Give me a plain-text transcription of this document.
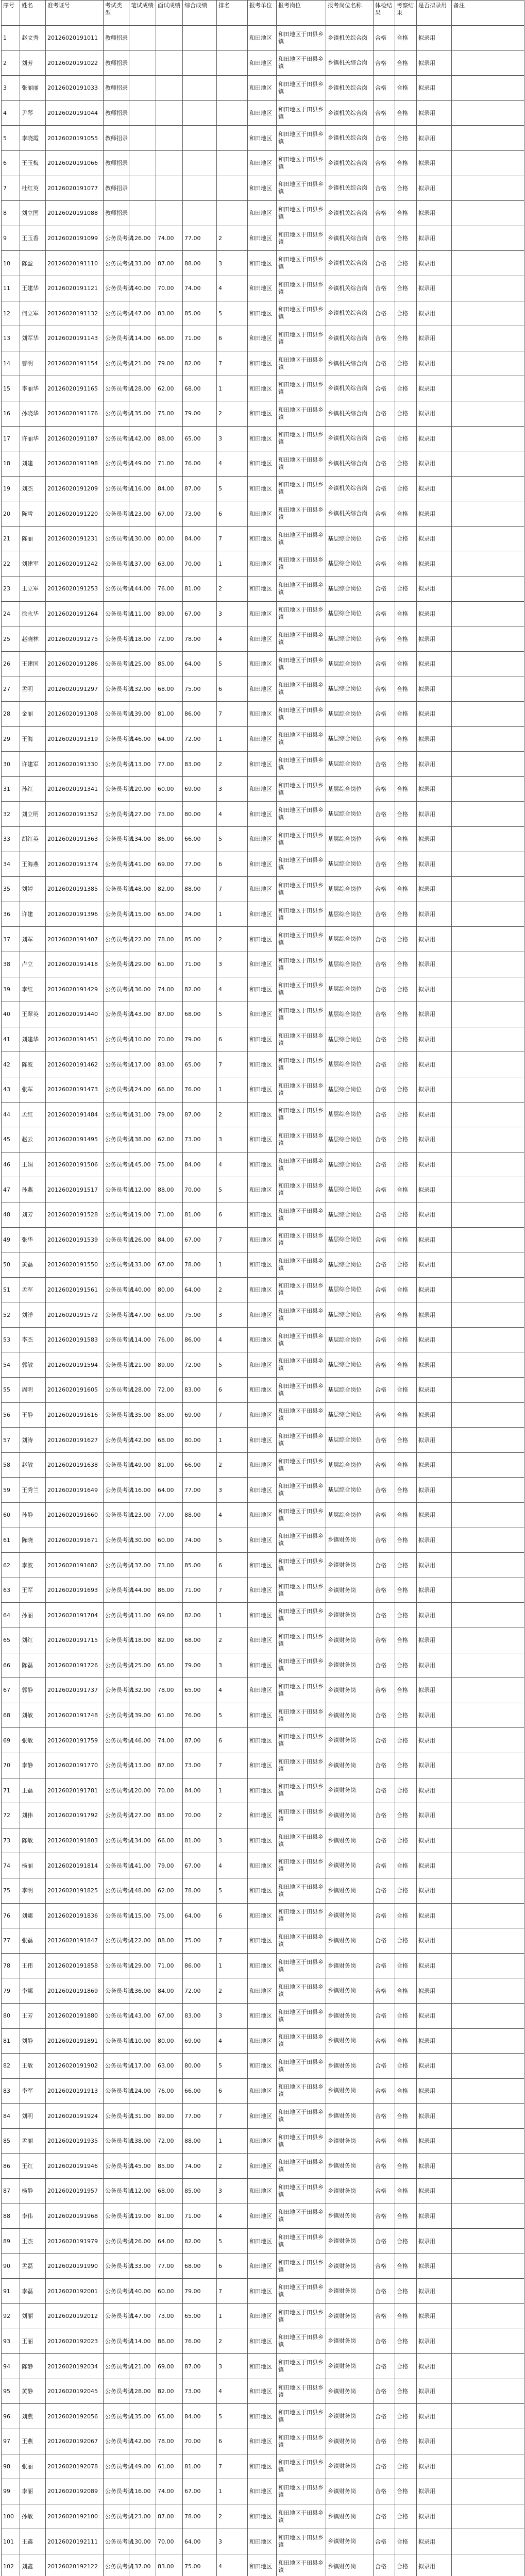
序号	姓名	准考证号	考试类型	笔试成绩	面试成绩	综合成绩	排名	报考单位	报考岗位	报考岗位名称	体检结果	考察结果	是否拟录用	备注
1	赵文秀	20126020191011	教师招录					和田地区	和田地区于田县乡镇	乡镇机关综合岗	合格	合格	拟录用	
2	刘芳	20126020191022	教师招录					和田地区	和田地区于田县乡镇	乡镇机关综合岗	合格	合格	拟录用	
3	张丽丽	20126020191033	教师招录					和田地区	和田地区于田县乡镇	乡镇机关综合岗	合格	合格	拟录用	
4	尹琴	20126020191044	教师招录					和田地区	和田地区于田县乡镇	乡镇机关综合岗	合格	合格	拟录用	
5	李晓霞	20126020191055	教师招录					和田地区	和田地区于田县乡镇	乡镇机关综合岗	合格	合格	拟录用	
6	王玉梅	20126020191066	教师招录					和田地区	和田地区于田县乡镇	乡镇机关综合岗	合格	合格	拟录用	
7	杜红英	20126020191077	教师招录					和田地区	和田地区于田县乡镇	乡镇机关综合岗	合格	合格	拟录用	
8	刘立国	20126020191088	教师招录					和田地区	和田地区于田县乡镇	乡镇机关综合岗	合格	合格	拟录用	
9	王玉香	20126020191099	公务员考试	126.00	74.00	77.00	2	和田地区	和田地区于田县乡镇	乡镇机关综合岗	合格	合格	拟录用	
10	陈盈	20126020191110	公务员考试	133.00	87.00	88.00	3	和田地区	和田地区于田县乡镇	乡镇机关综合岗	合格	合格	拟录用	
11	王建华	20126020191121	公务员考试	140.00	70.00	74.00	4	和田地区	和田地区于田县乡镇	乡镇机关综合岗	合格	合格	拟录用	
12	何立军	20126020191132	公务员考试	147.00	83.00	85.00	5	和田地区	和田地区于田县乡镇	乡镇机关综合岗	合格	合格	拟录用	
13	刘军华	20126020191143	公务员考试	114.00	66.00	71.00	6	和田地区	和田地区于田县乡镇	乡镇机关综合岗	合格	合格	拟录用	
14	曹明	20126020191154	公务员考试	121.00	79.00	82.00	7	和田地区	和田地区于田县乡镇	乡镇机关综合岗	合格	合格	拟录用	
15	李丽华	20126020191165	公务员考试	128.00	62.00	68.00	1	和田地区	和田地区于田县乡镇	乡镇机关综合岗	合格	合格	拟录用	
16	孙晓华	20126020191176	公务员考试	135.00	75.00	79.00	2	和田地区	和田地区于田县乡镇	乡镇机关综合岗	合格	合格	拟录用	
17	许丽华	20126020191187	公务员考试	142.00	88.00	65.00	3	和田地区	和田地区于田县乡镇	乡镇机关综合岗	合格	合格	拟录用	
18	刘建	20126020191198	公务员考试	149.00	71.00	76.00	4	和田地区	和田地区于田县乡镇	乡镇机关综合岗	合格	合格	拟录用	
19	刘杰	20126020191209	公务员考试	116.00	84.00	87.00	5	和田地区	和田地区于田县乡镇	乡镇机关综合岗	合格	合格	拟录用	
20	陈雪	20126020191220	公务员考试	123.00	67.00	73.00	6	和田地区	和田地区于田县乡镇	乡镇机关综合岗	合格	合格	拟录用	
21	陈丽	20126020191231	公务员考试	130.00	80.00	84.00	7	和田地区	和田地区于田县乡镇	基层综合岗位	合格	合格	拟录用	
22	刘建军	20126020191242	公务员考试	137.00	63.00	70.00	1	和田地区	和田地区于田县乡镇	基层综合岗位	合格	合格	拟录用	
23	王立军	20126020191253	公务员考试	144.00	76.00	81.00	2	和田地区	和田地区于田县乡镇	基层综合岗位	合格	合格	拟录用	
24	徐永华	20126020191264	公务员考试	111.00	89.00	67.00	3	和田地区	和田地区于田县乡镇	基层综合岗位	合格	合格	拟录用	
25	赵晓林	20126020191275	公务员考试	118.00	72.00	78.00	4	和田地区	和田地区于田县乡镇	基层综合岗位	合格	合格	拟录用	
26	王建国	20126020191286	公务员考试	125.00	85.00	64.00	5	和田地区	和田地区于田县乡镇	基层综合岗位	合格	合格	拟录用	
27	孟明	20126020191297	公务员考试	132.00	68.00	75.00	6	和田地区	和田地区于田县乡镇	基层综合岗位	合格	合格	拟录用	
28	金丽	20126020191308	公务员考试	139.00	81.00	86.00	7	和田地区	和田地区于田县乡镇	基层综合岗位	合格	合格	拟录用	
29	王海	20126020191319	公务员考试	146.00	64.00	72.00	1	和田地区	和田地区于田县乡镇	基层综合岗位	合格	合格	拟录用	
30	许建军	20126020191330	公务员考试	113.00	77.00	83.00	2	和田地区	和田地区于田县乡镇	基层综合岗位	合格	合格	拟录用	
31	孙红	20126020191341	公务员考试	120.00	60.00	69.00	3	和田地区	和田地区于田县乡镇	基层综合岗位	合格	合格	拟录用	
32	刘立明	20126020191352	公务员考试	127.00	73.00	80.00	4	和田地区	和田地区于田县乡镇	基层综合岗位	合格	合格	拟录用	
33	胡红英	20126020191363	公务员考试	134.00	86.00	66.00	5	和田地区	和田地区于田县乡镇	基层综合岗位	合格	合格	拟录用	
34	王海燕	20126020191374	公务员考试	141.00	69.00	77.00	6	和田地区	和田地区于田县乡镇	基层综合岗位	合格	合格	拟录用	
35	刘婷	20126020191385	公务员考试	148.00	82.00	88.00	7	和田地区	和田地区于田县乡镇	基层综合岗位	合格	合格	拟录用	
36	许建	20126020191396	公务员考试	115.00	65.00	74.00	1	和田地区	和田地区于田县乡镇	基层综合岗位	合格	合格	拟录用	
37	刘军	20126020191407	公务员考试	122.00	78.00	85.00	2	和田地区	和田地区于田县乡镇	基层综合岗位	合格	合格	拟录用	
38	卢立	20126020191418	公务员考试	129.00	61.00	71.00	3	和田地区	和田地区于田县乡镇	基层综合岗位	合格	合格	拟录用	
39	李红	20126020191429	公务员考试	136.00	74.00	82.00	4	和田地区	和田地区于田县乡镇	基层综合岗位	合格	合格	拟录用	
40	王翠英	20126020191440	公务员考试	143.00	87.00	68.00	5	和田地区	和田地区于田县乡镇	基层综合岗位	合格	合格	拟录用	
41	刘建华	20126020191451	公务员考试	110.00	70.00	79.00	6	和田地区	和田地区于田县乡镇	基层综合岗位	合格	合格	拟录用	
42	陈波	20126020191462	公务员考试	117.00	83.00	65.00	7	和田地区	和田地区于田县乡镇	基层综合岗位	合格	合格	拟录用	
43	张军	20126020191473	公务员考试	124.00	66.00	76.00	1	和田地区	和田地区于田县乡镇	基层综合岗位	合格	合格	拟录用	
44	孟红	20126020191484	公务员考试	131.00	79.00	87.00	2	和田地区	和田地区于田县乡镇	基层综合岗位	合格	合格	拟录用	
45	赵云	20126020191495	公务员考试	138.00	62.00	73.00	3	和田地区	和田地区于田县乡镇	基层综合岗位	合格	合格	拟录用	
46	王娟	20126020191506	公务员考试	145.00	75.00	84.00	4	和田地区	和田地区于田县乡镇	基层综合岗位	合格	合格	拟录用	
47	孙燕	20126020191517	公务员考试	112.00	88.00	70.00	5	和田地区	和田地区于田县乡镇	基层综合岗位	合格	合格	拟录用	
48	刘芳	20126020191528	公务员考试	119.00	71.00	81.00	6	和田地区	和田地区于田县乡镇	基层综合岗位	合格	合格	拟录用	
49	张华	20126020191539	公务员考试	126.00	84.00	67.00	7	和田地区	和田地区于田县乡镇	基层综合岗位	合格	合格	拟录用	
50	黄磊	20126020191550	公务员考试	133.00	67.00	78.00	1	和田地区	和田地区于田县乡镇	基层综合岗位	合格	合格	拟录用	
51	孟军	20126020191561	公务员考试	140.00	80.00	64.00	2	和田地区	和田地区于田县乡镇	基层综合岗位	合格	合格	拟录用	
52	刘洋	20126020191572	公务员考试	147.00	63.00	75.00	3	和田地区	和田地区于田县乡镇	基层综合岗位	合格	合格	拟录用	
53	李杰	20126020191583	公务员考试	114.00	76.00	86.00	4	和田地区	和田地区于田县乡镇	基层综合岗位	合格	合格	拟录用	
54	郭敏	20126020191594	公务员考试	121.00	89.00	72.00	5	和田地区	和田地区于田县乡镇	基层综合岗位	合格	合格	拟录用	
55	周明	20126020191605	公务员考试	128.00	72.00	83.00	6	和田地区	和田地区于田县乡镇	基层综合岗位	合格	合格	拟录用	
56	王静	20126020191616	公务员考试	135.00	85.00	69.00	7	和田地区	和田地区于田县乡镇	基层综合岗位	合格	合格	拟录用	
57	刘涛	20126020191627	公务员考试	142.00	68.00	80.00	1	和田地区	和田地区于田县乡镇	基层综合岗位	合格	合格	拟录用	
58	赵敏	20126020191638	公务员考试	149.00	81.00	66.00	2	和田地区	和田地区于田县乡镇	基层综合岗位	合格	合格	拟录用	
59	王秀兰	20126020191649	公务员考试	116.00	64.00	77.00	3	和田地区	和田地区于田县乡镇	基层综合岗位	合格	合格	拟录用	
60	孙静	20126020191660	公务员考试	123.00	77.00	88.00	4	和田地区	和田地区于田县乡镇	基层综合岗位	合格	合格	拟录用	
61	陈晓	20126020191671	公务员考试	130.00	60.00	74.00	5	和田地区	和田地区于田县乡镇	乡镇财务岗	合格	合格	拟录用	
62	李波	20126020191682	公务员考试	137.00	73.00	85.00	6	和田地区	和田地区于田县乡镇	乡镇财务岗	合格	合格	拟录用	
63	王军	20126020191693	公务员考试	144.00	86.00	71.00	7	和田地区	和田地区于田县乡镇	乡镇财务岗	合格	合格	拟录用	
64	孙丽	20126020191704	公务员考试	111.00	69.00	82.00	1	和田地区	和田地区于田县乡镇	乡镇财务岗	合格	合格	拟录用	
65	刘红	20126020191715	公务员考试	118.00	82.00	68.00	2	和田地区	和田地区于田县乡镇	乡镇财务岗	合格	合格	拟录用	
66	陈磊	20126020191726	公务员考试	125.00	65.00	79.00	3	和田地区	和田地区于田县乡镇	乡镇财务岗	合格	合格	拟录用	
67	郭静	20126020191737	公务员考试	132.00	78.00	65.00	4	和田地区	和田地区于田县乡镇	乡镇财务岗	合格	合格	拟录用	
68	刘敏	20126020191748	公务员考试	139.00	61.00	76.00	5	和田地区	和田地区于田县乡镇	乡镇财务岗	合格	合格	拟录用	
69	张敏	20126020191759	公务员考试	146.00	74.00	87.00	6	和田地区	和田地区于田县乡镇	乡镇财务岗	合格	合格	拟录用	
70	李静	20126020191770	公务员考试	113.00	87.00	73.00	7	和田地区	和田地区于田县乡镇	乡镇财务岗	合格	合格	拟录用	
71	王磊	20126020191781	公务员考试	120.00	70.00	84.00	1	和田地区	和田地区于田县乡镇	乡镇财务岗	合格	合格	拟录用	
72	刘伟	20126020191792	公务员考试	127.00	83.00	70.00	2	和田地区	和田地区于田县乡镇	乡镇财务岗	合格	合格	拟录用	
73	陈敏	20126020191803	公务员考试	134.00	66.00	81.00	3	和田地区	和田地区于田县乡镇	乡镇财务岗	合格	合格	拟录用	
74	杨丽	20126020191814	公务员考试	141.00	79.00	67.00	4	和田地区	和田地区于田县乡镇	乡镇财务岗	合格	合格	拟录用	
75	李明	20126020191825	公务员考试	148.00	62.00	78.00	5	和田地区	和田地区于田县乡镇	乡镇财务岗	合格	合格	拟录用	
76	刘娜	20126020191836	公务员考试	115.00	75.00	64.00	6	和田地区	和田地区于田县乡镇	乡镇财务岗	合格	合格	拟录用	
77	张磊	20126020191847	公务员考试	122.00	88.00	75.00	7	和田地区	和田地区于田县乡镇	乡镇财务岗	合格	合格	拟录用	
78	王伟	20126020191858	公务员考试	129.00	71.00	86.00	1	和田地区	和田地区于田县乡镇	乡镇财务岗	合格	合格	拟录用	
79	李娜	20126020191869	公务员考试	136.00	84.00	72.00	2	和田地区	和田地区于田县乡镇	乡镇财务岗	合格	合格	拟录用	
80	王芳	20126020191880	公务员考试	143.00	67.00	83.00	3	和田地区	和田地区于田县乡镇	乡镇财务岗	合格	合格	拟录用	
81	刘静	20126020191891	公务员考试	110.00	80.00	69.00	4	和田地区	和田地区于田县乡镇	乡镇财务岗	合格	合格	拟录用	
82	王敏	20126020191902	公务员考试	117.00	63.00	80.00	5	和田地区	和田地区于田县乡镇	乡镇财务岗	合格	合格	拟录用	
83	李军	20126020191913	公务员考试	124.00	76.00	66.00	6	和田地区	和田地区于田县乡镇	乡镇财务岗	合格	合格	拟录用	
84	刘明	20126020191924	公务员考试	131.00	89.00	77.00	7	和田地区	和田地区于田县乡镇	乡镇财务岗	合格	合格	拟录用	
85	孟丽	20126020191935	公务员考试	138.00	72.00	88.00	1	和田地区	和田地区于田县乡镇	乡镇财务岗	合格	合格	拟录用	
86	王红	20126020191946	公务员考试	145.00	85.00	74.00	2	和田地区	和田地区于田县乡镇	乡镇财务岗	合格	合格	拟录用	
87	杨静	20126020191957	公务员考试	112.00	68.00	85.00	3	和田地区	和田地区于田县乡镇	乡镇财务岗	合格	合格	拟录用	
88	李伟	20126020191968	公务员考试	119.00	81.00	71.00	4	和田地区	和田地区于田县乡镇	乡镇财务岗	合格	合格	拟录用	
89	王杰	20126020191979	公务员考试	126.00	64.00	82.00	5	和田地区	和田地区于田县乡镇	乡镇财务岗	合格	合格	拟录用	
90	孟磊	20126020191990	公务员考试	133.00	77.00	68.00	6	和田地区	和田地区于田县乡镇	乡镇财务岗	合格	合格	拟录用	
91	李磊	20126020192001	公务员考试	140.00	60.00	79.00	7	和田地区	和田地区于田县乡镇	乡镇财务岗	合格	合格	拟录用	
92	刘丽	20126020192012	公务员考试	147.00	73.00	65.00	1	和田地区	和田地区于田县乡镇	乡镇财务岗	合格	合格	拟录用	
93	王丽	20126020192023	公务员考试	114.00	86.00	76.00	2	和田地区	和田地区于田县乡镇	乡镇财务岗	合格	合格	拟录用	
94	陈静	20126020192034	公务员考试	121.00	69.00	87.00	3	和田地区	和田地区于田县乡镇	乡镇财务岗	合格	合格	拟录用	
95	黄静	20126020192045	公务员考试	128.00	82.00	73.00	4	和田地区	和田地区于田县乡镇	乡镇财务岗	合格	合格	拟录用	
96	刘燕	20126020192056	公务员考试	135.00	65.00	84.00	5	和田地区	和田地区于田县乡镇	乡镇财务岗	合格	合格	拟录用	
97	王燕	20126020192067	公务员考试	142.00	78.00	70.00	6	和田地区	和田地区于田县乡镇	乡镇财务岗	合格	合格	拟录用	
98	张丽	20126020192078	公务员考试	149.00	61.00	81.00	7	和田地区	和田地区于田县乡镇	乡镇财务岗	合格	合格	拟录用	
99	李丽	20126020192089	公务员考试	116.00	74.00	67.00	1	和田地区	和田地区于田县乡镇	乡镇财务岗	合格	合格	拟录用	
100	孙敏	20126020192100	公务员考试	123.00	87.00	78.00	2	和田地区	和田地区于田县乡镇	乡镇财务岗	合格	合格	拟录用	
101	王鑫	20126020192111	公务员考试	130.00	70.00	64.00	3	和田地区	和田地区于田县乡镇	乡镇财务岗	合格	合格	拟录用	
102	刘鑫	20126020192122	公务员考试	137.00	83.00	75.00	4	和田地区	和田地区于田县乡镇	乡镇财务岗	合格	合格	拟录用	
